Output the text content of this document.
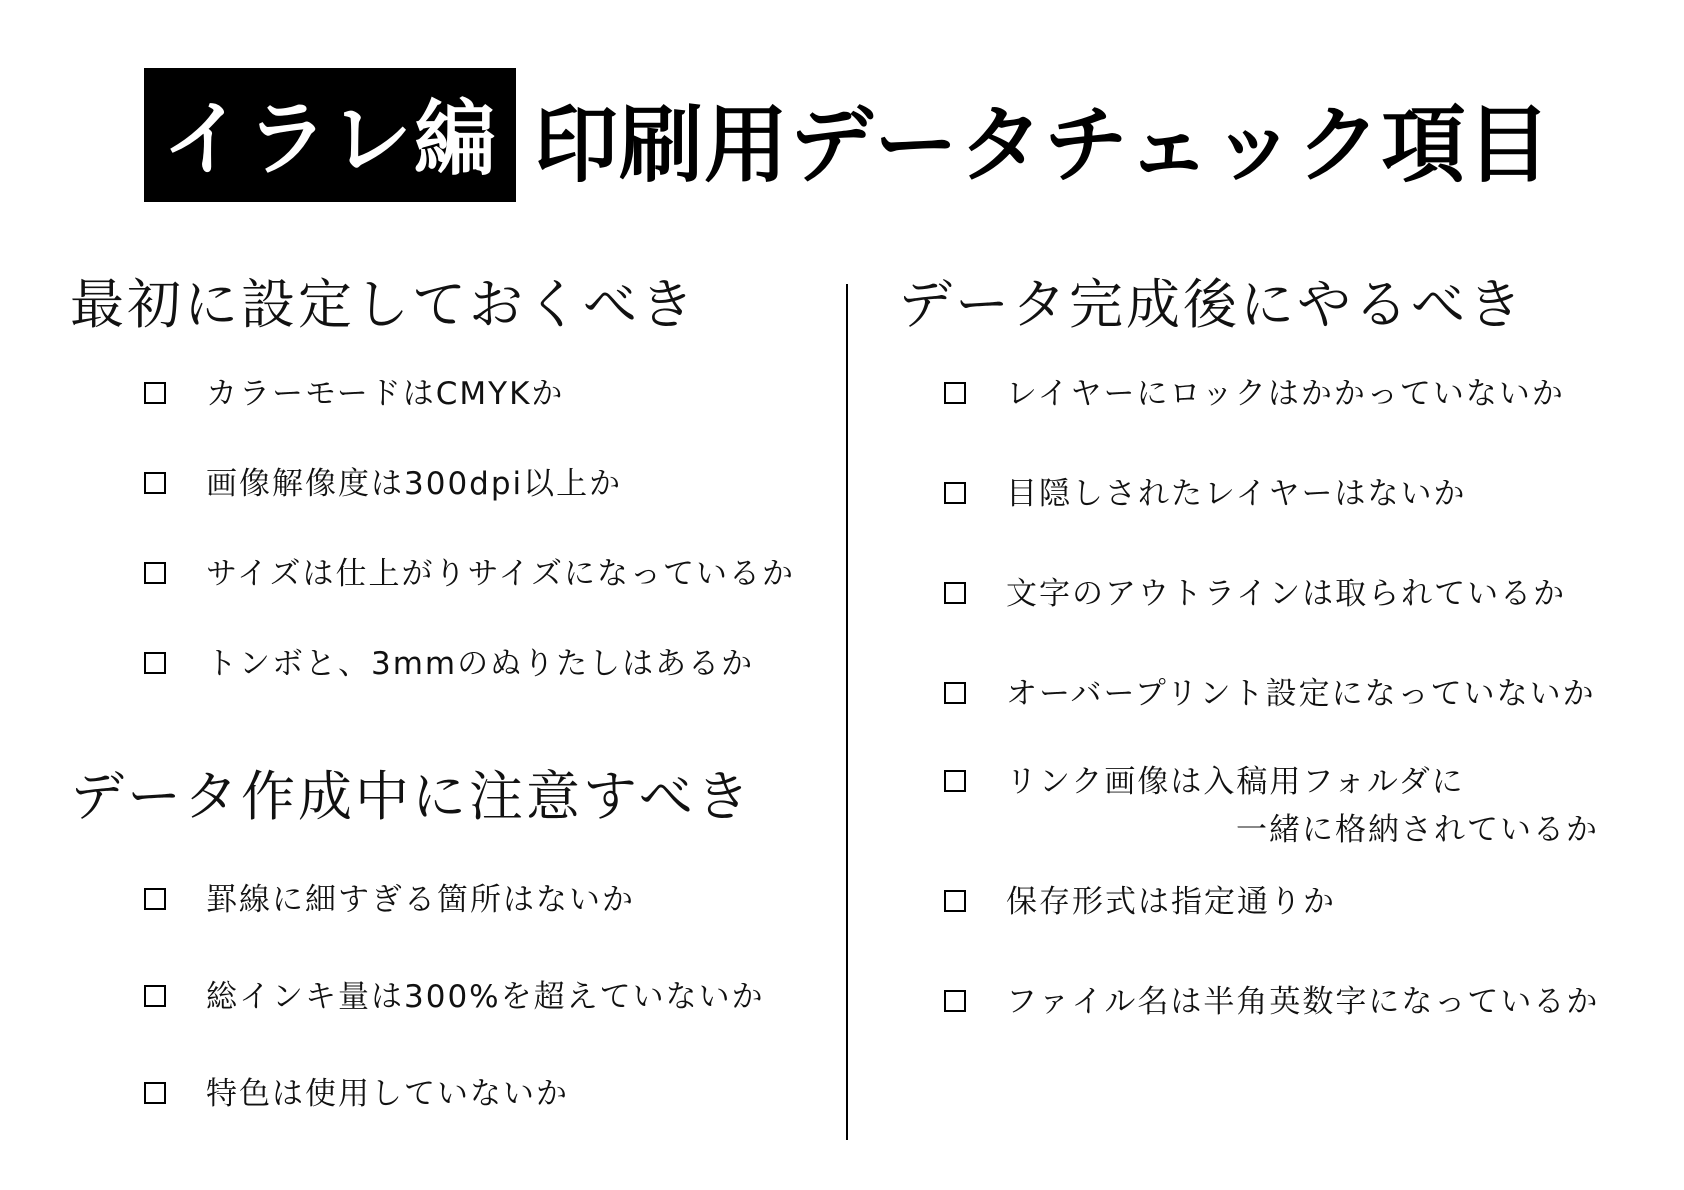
イラレ編 印刷用データチェック項目
最初に設定しておくべき
カラーモードはCMYKか
画像解像度は300dpi以上か
サイズは仕上がりサイズになっているか
トンボと、3mmのぬりたしはあるか
データ作成中に注意すべき
罫線に細すぎる箇所はないか
総インキ量は300%を超えていないか
特色は使用していないか
データ完成後にやるべき
レイヤーにロックはかかっていないか
目隠しされたレイヤーはないか
文字のアウトラインは取られているか
オーバープリント設定になっていないか
リンク画像は入稿用フォルダに
一緒に格納されているか
保存形式は指定通りか
ファイル名は半角英数字になっているか
